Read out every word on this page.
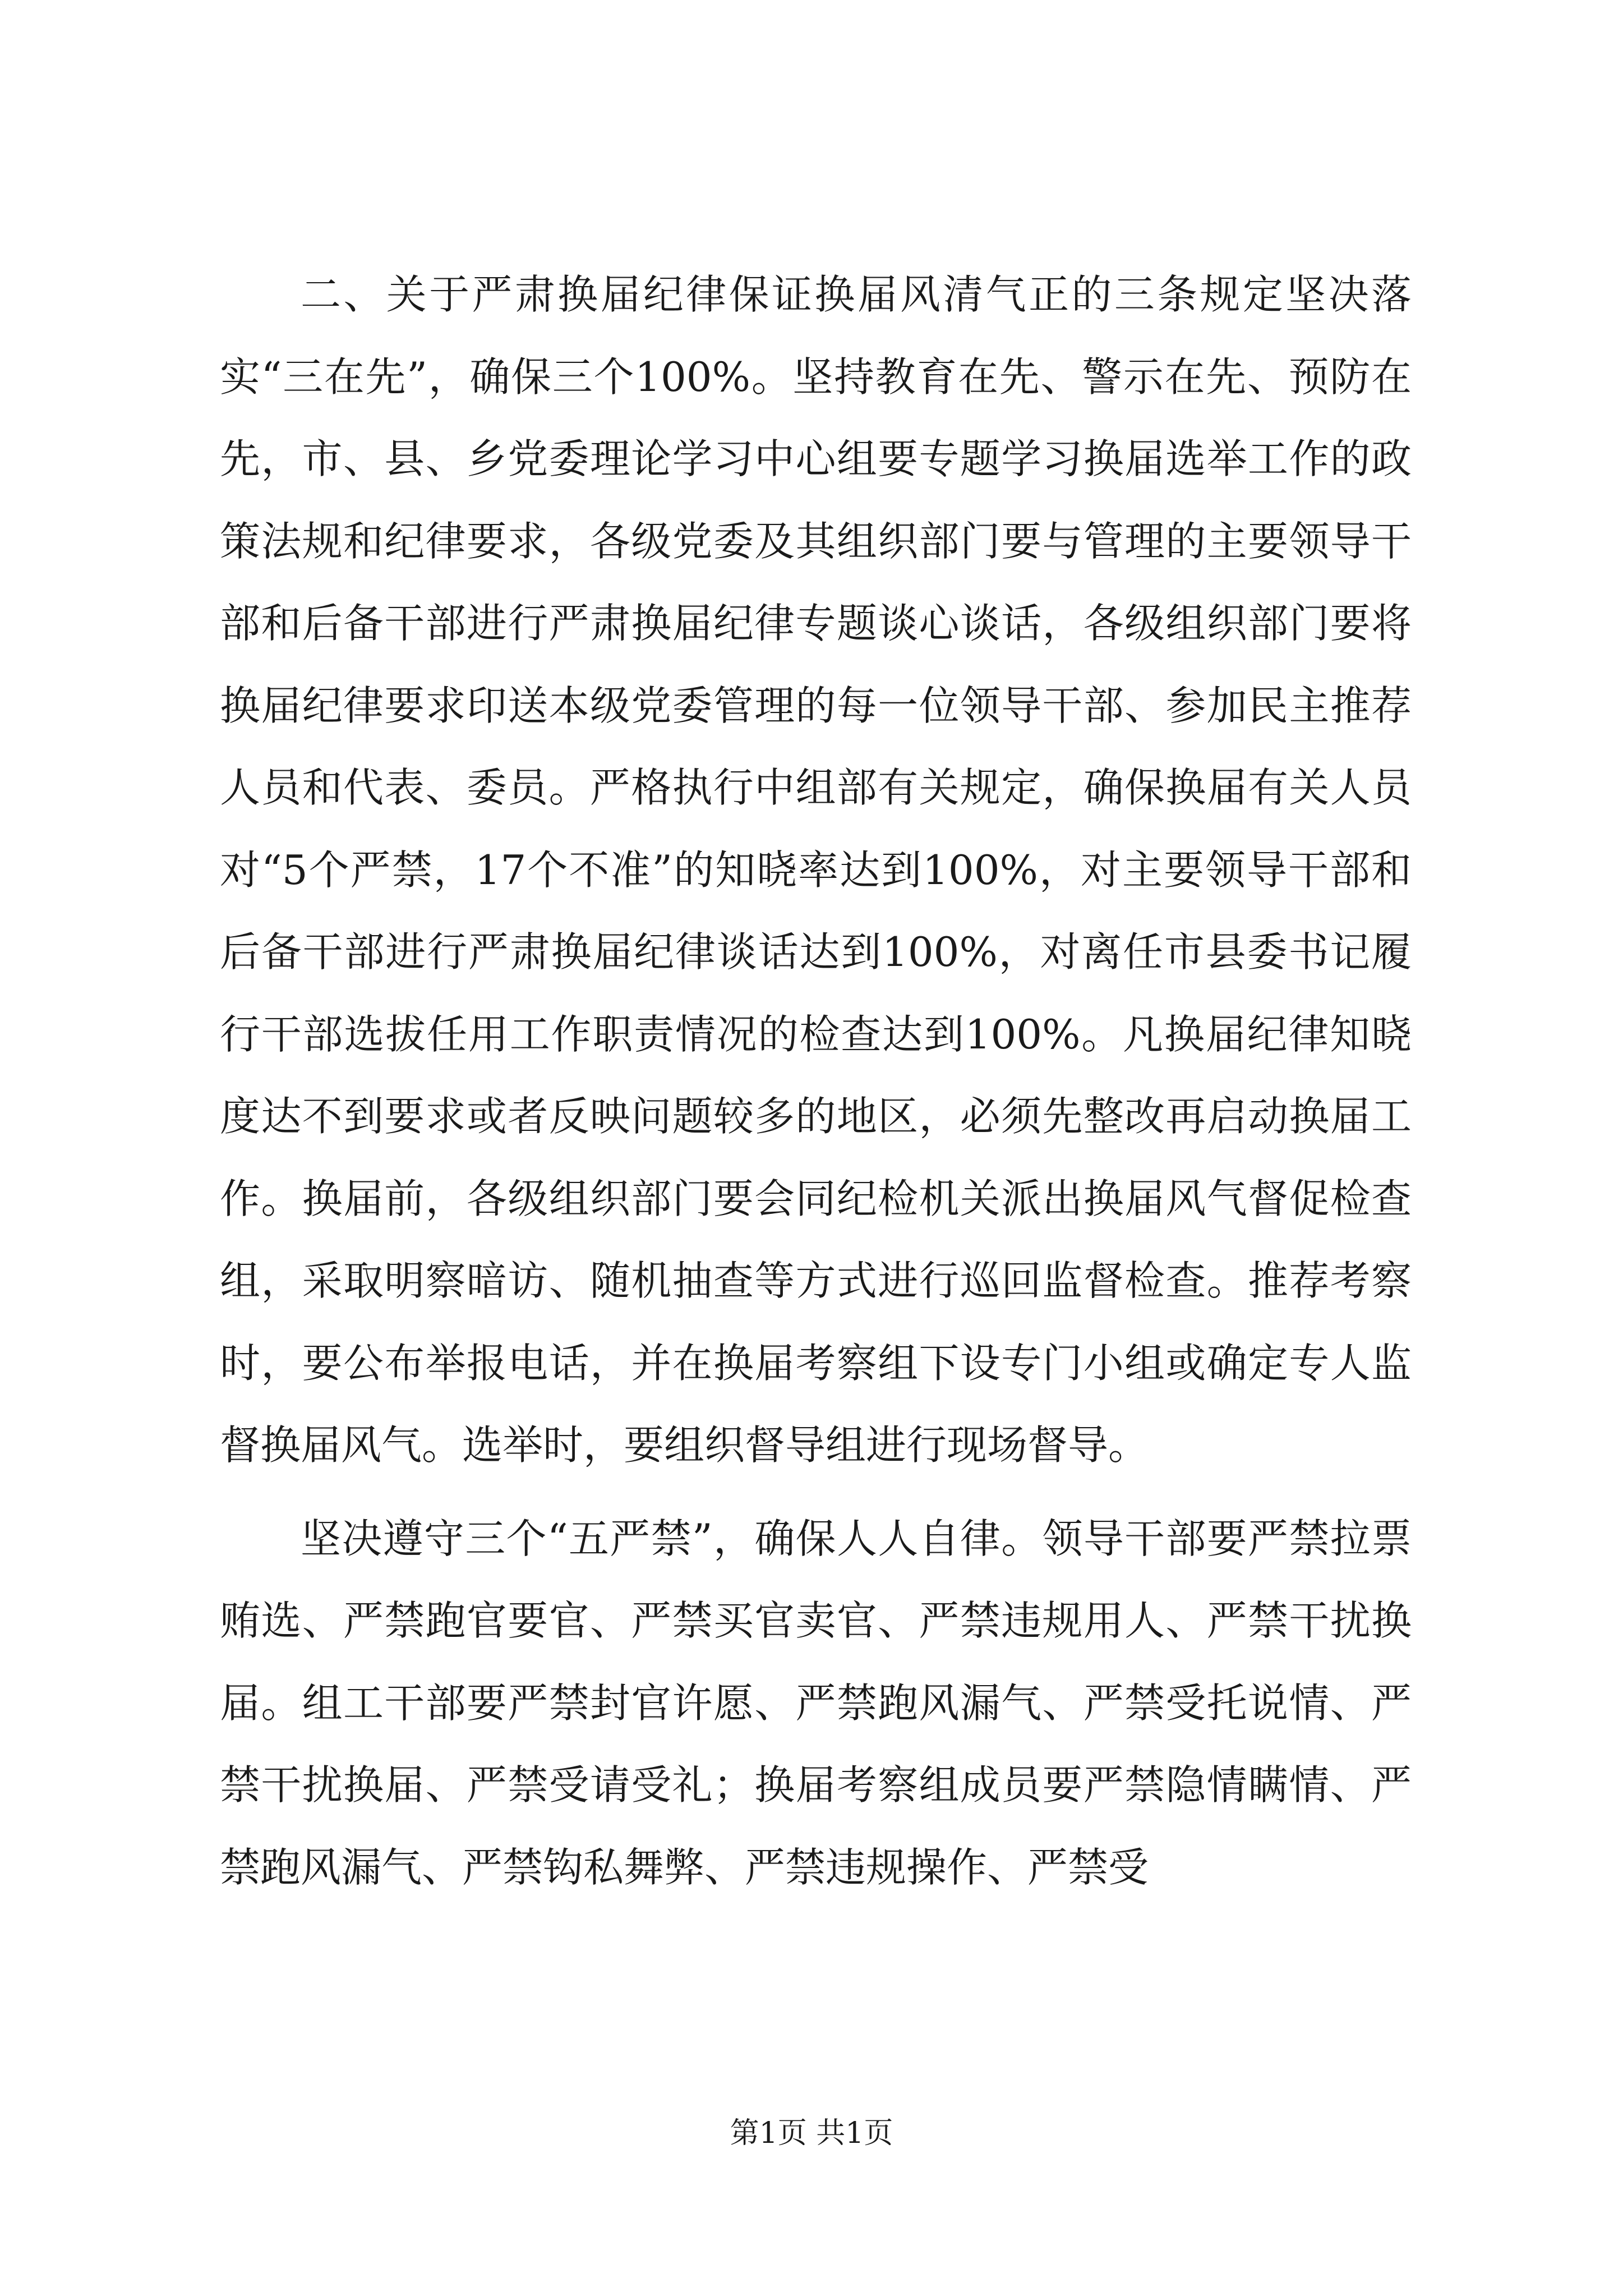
二、关于严肃换届纪律保证换届风清气正的三条规定坚决落实“三在先”，确保三个100%。坚持教育在先、警示在先、预防在先，市、县、乡党委理论学习中心组要专题学习换届选举工作的政策法规和纪律要求，各级党委及其组织部门要与管理的主要领导干部和后备干部进行严肃换届纪律专题谈心谈话，各级组织部门要将换届纪律要求印送本级党委管理的每一位领导干部、参加民主推荐人员和代表、委员。严格执行中组部有关规定，确保换届有关人员对“5个严禁，17个不准”的知晓率达到100%，对主要领导干部和后备干部进行严肃换届纪律谈话达到100%，对离任市县委书记履行干部选拔任用工作职责情况的检查达到100%。凡换届纪律知晓度达不到要求或者反映问题较多的地区，必须先整改再启动换届工作。换届前，各级组织部门要会同纪检机关派出换届风气督促检查组，采取明察暗访、随机抽查等方式进行巡回监督检查。推荐考察时，要公布举报电话，并在换届考察组下设专门小组或确定专人监督换届风气。选举时，要组织督导组进行现场督导。

坚决遵守三个“五严禁”，确保人人自律。领导干部要严禁拉票贿选、严禁跑官要官、严禁买官卖官、严禁违规用人、严禁干扰换届。组工干部要严禁封官许愿、严禁跑风漏气、严禁受托说情、严禁干扰换届、严禁受请受礼；换届考察组成员要严禁隐情瞒情、严禁跑风漏气、严禁钩私舞弊、严禁违规操作、严禁受

第1页 共1页
